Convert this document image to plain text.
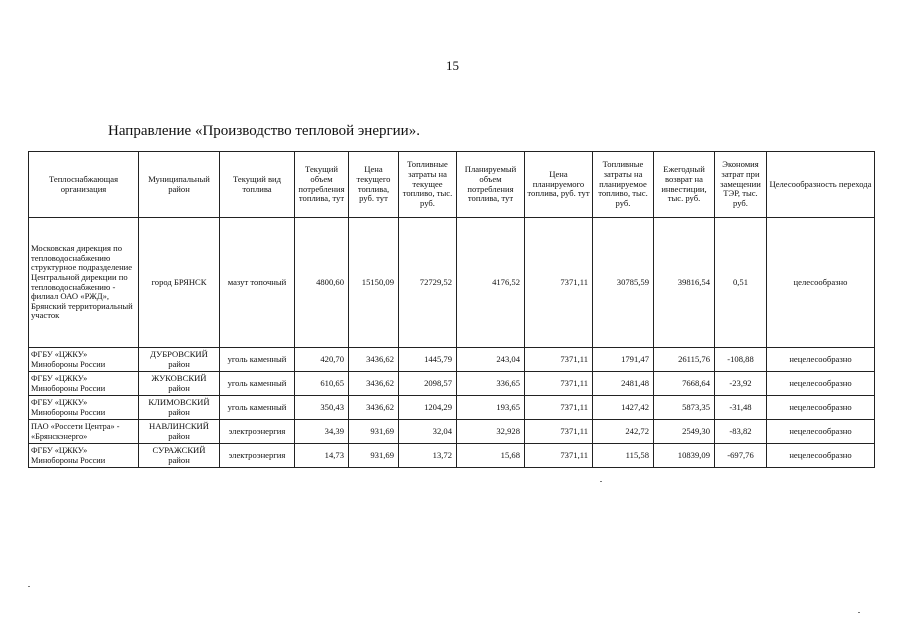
15
Направление «Производство тепловой энергии».
Теплоснабжающая организация	Муниципальный район	Текущий вид топлива	Текущий объем потребления топлива, тут	Цена текущего топлива, руб. тут	Топливные затраты на текущее топливо, тыс. руб.	Планируемый объем потребления топлива, тут	Цена планируемого топлива, руб. тут	Топливные затраты на планируемое топливо, тыс. руб.	Ежегодный возврат на инвестиции, тыс. руб.	Экономия затрат при замещении ТЭР, тыс. руб.	Целесообразность перехода
Московская дирекция по тепловодоснабжению структурное подразделение Центральной дирекции по тепловодоснабжению - филиал ОАО «РЖД», Брянский территориальный участок	город БРЯНСК	мазут топочный	4800,60	15150,09	72729,52	4176,52	7371,11	30785,59	39816,54	0,51	целесообразно
ФГБУ «ЦЖКУ» Минобороны России	ДУБРОВСКИЙ район	уголь каменный	420,70	3436,62	1445,79	243,04	7371,11	1791,47	26115,76	-108,88	нецелесообразно
ФГБУ «ЦЖКУ» Минобороны России	ЖУКОВСКИЙ район	уголь каменный	610,65	3436,62	2098,57	336,65	7371,11	2481,48	7668,64	-23,92	нецелесообразно
ФГБУ «ЦЖКУ» Минобороны России	КЛИМОВСКИЙ район	уголь каменный	350,43	3436,62	1204,29	193,65	7371,11	1427,42	5873,35	-31,48	нецелесообразно
ПАО «Россети Центра» - «Брянскэнерго»	НАВЛИНСКИЙ район	электроэнергия	34,39	931,69	32,04	32,928	7371,11	242,72	2549,30	-83,82	нецелесообразно
ФГБУ «ЦЖКУ» Минобороны России	СУРАЖСКИЙ район	электроэнергия	14,73	931,69	13,72	15,68	7371,11	115,58	10839,09	-697,76	нецелесообразно
